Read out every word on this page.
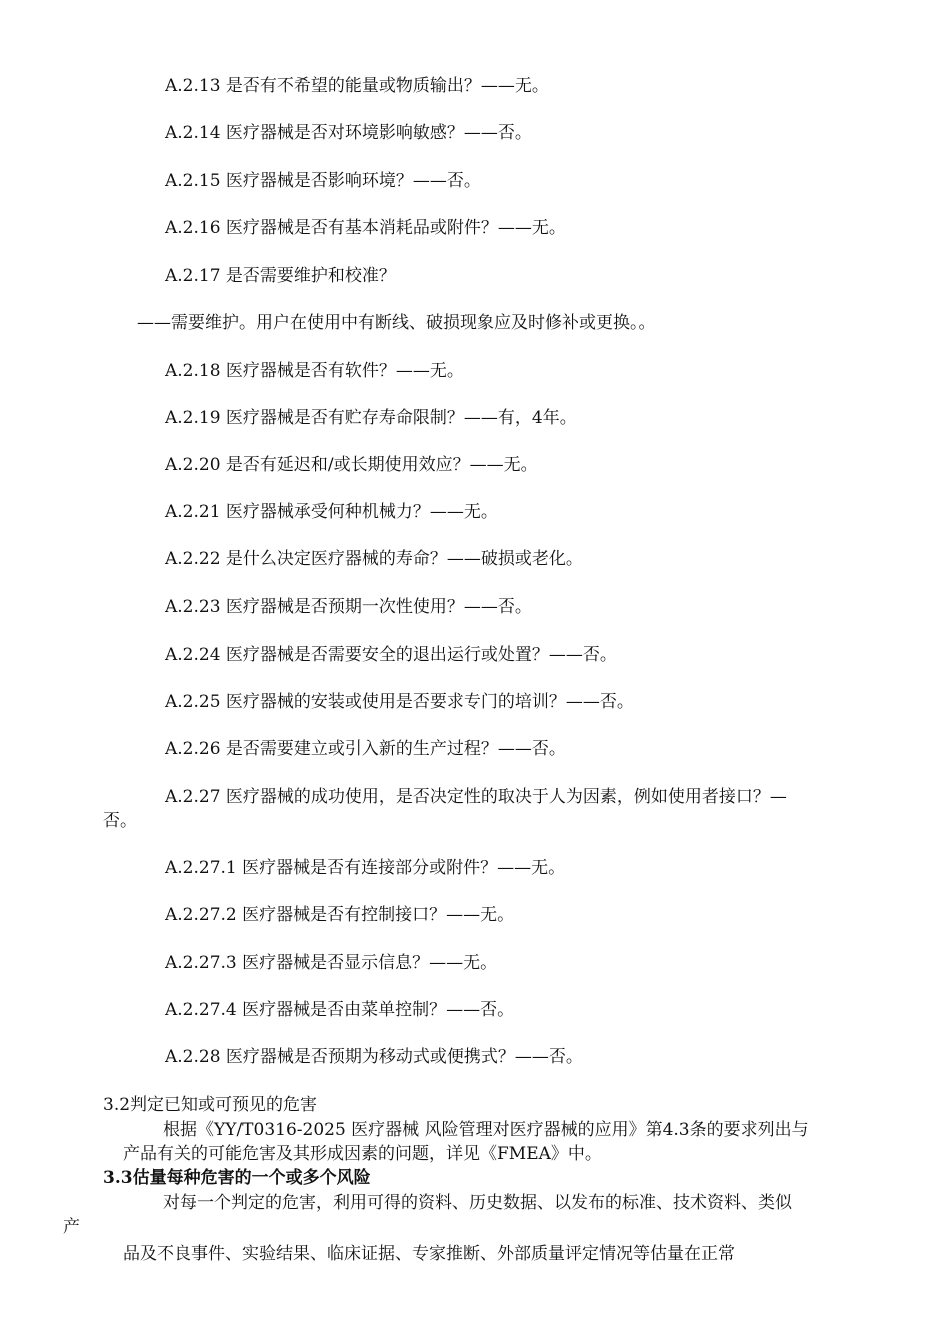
A.2.13 是否有不希望的能量或物质输出？——无。
A.2.14 医疗器械是否对环境影响敏感？——否。
A.2.15 医疗器械是否影响环境？——否。
A.2.16 医疗器械是否有基本消耗品或附件？——无。
A.2.17 是否需要维护和校准？
——需要维护。用户在使用中有断线、破损现象应及时修补或更换。。
A.2.18 医疗器械是否有软件？——无。
A.2.19 医疗器械是否有贮存寿命限制？——有，4年。
A.2.20 是否有延迟和/或长期使用效应？——无。
A.2.21 医疗器械承受何种机械力？——无。
A.2.22 是什么决定医疗器械的寿命？——破损或老化。
A.2.23 医疗器械是否预期一次性使用？——否。
A.2.24 医疗器械是否需要安全的退出运行或处置？——否。
A.2.25 医疗器械的安装或使用是否要求专门的培训？——否。
A.2.26 是否需要建立或引入新的生产过程？——否。
A.2.27 医疗器械的成功使用，是否决定性的取决于人为因素，例如使用者接口？—
否。
A.2.27.1 医疗器械是否有连接部分或附件？——无。
A.2.27.2 医疗器械是否有控制接口？——无。
A.2.27.3 医疗器械是否显示信息？——无。
A.2.27.4 医疗器械是否由菜单控制？——否。
A.2.28 医疗器械是否预期为移动式或便携式？——否。
3.2判定已知或可预见的危害
根据《YY/T0316-2025 医疗器械 风险管理对医疗器械的应用》第4.3条的要求列出与
产品有关的可能危害及其形成因素的问题，详见《FMEA》中。
3.3估量每种危害的一个或多个风险
对每一个判定的危害，利用可得的资料、历史数据、以发布的标准、技术资料、类似
产
品及不良事件、实验结果、临床证据、专家推断、外部质量评定情况等估量在正常
